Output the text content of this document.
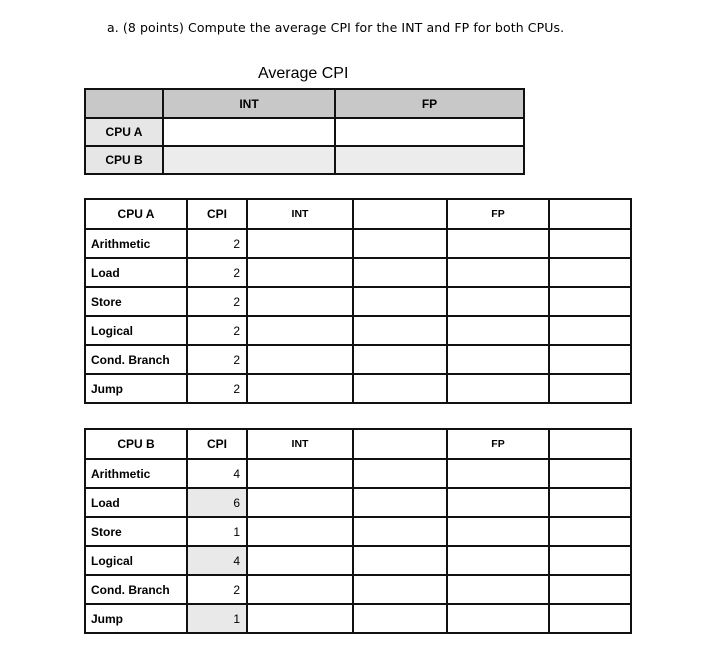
a. (8 points) Compute the average CPI for the INT and FP for both CPUs.
Average CPI
	INT	FP
CPU A		
CPU B		
CPU A	CPI	INT		FP	
Arithmetic	2				
Load	2				
Store	2				
Logical	2				
Cond. Branch	2				
Jump	2				
CPU B	CPI	INT		FP	
Arithmetic	4				
Load	6				
Store	1				
Logical	4				
Cond. Branch	2				
Jump	1				
